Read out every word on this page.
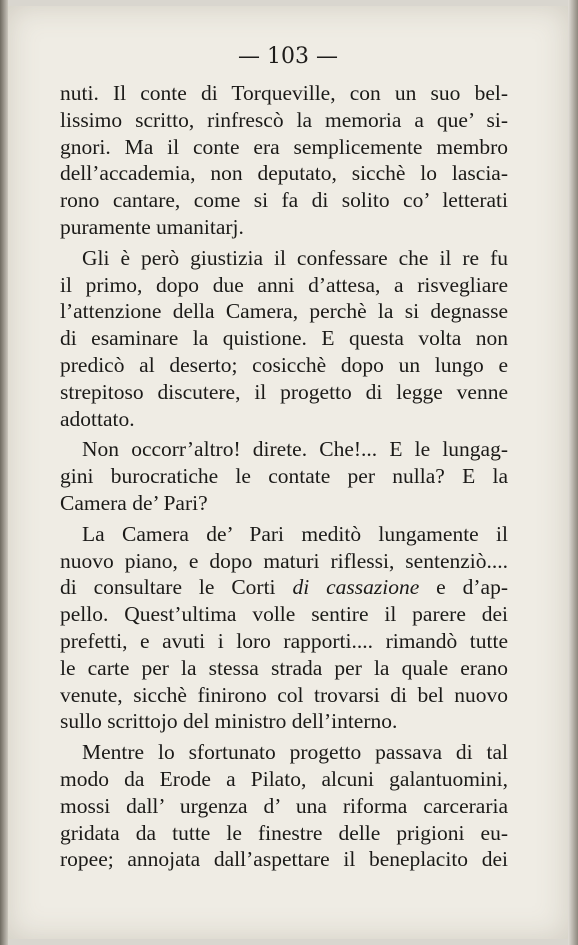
— 103 —
nuti. Il conte di Torqueville, con un suo bel-
lissimo scritto, rinfrescò la memoria a que’ si-
gnori. Ma il conte era semplicemente membro
dell’accademia, non deputato, sicchè lo lascia-
rono cantare, come si fa di solito co’ letterati
puramente umanitarj.
Gli è però giustizia il confessare che il re fu
il primo, dopo due anni d’attesa, a risvegliare
l’attenzione della Camera, perchè la si degnasse
di esaminare la quistione. E questa volta non
predicò al deserto; cosicchè dopo un lungo e
strepitoso discutere, il progetto di legge venne
adottato.
Non occorr’altro! direte. Che!... E le lungag-
gini burocratiche le contate per nulla? E la
Camera de’ Pari?
La Camera de’ Pari meditò lungamente il
nuovo piano, e dopo maturi riflessi, sentenziò....
di consultare le Corti di cassazione e d’ap-
pello. Quest’ultima volle sentire il parere dei
prefetti, e avuti i loro rapporti.... rimandò tutte
le carte per la stessa strada per la quale erano
venute, sicchè finirono col trovarsi di bel nuovo
sullo scrittojo del ministro dell’interno.
Mentre lo sfortunato progetto passava di tal
modo da Erode a Pilato, alcuni galantuomini,
mossi dall’ urgenza d’ una riforma carceraria
gridata da tutte le finestre delle prigioni eu-
ropee; annojata dall’aspettare il beneplacito dei
